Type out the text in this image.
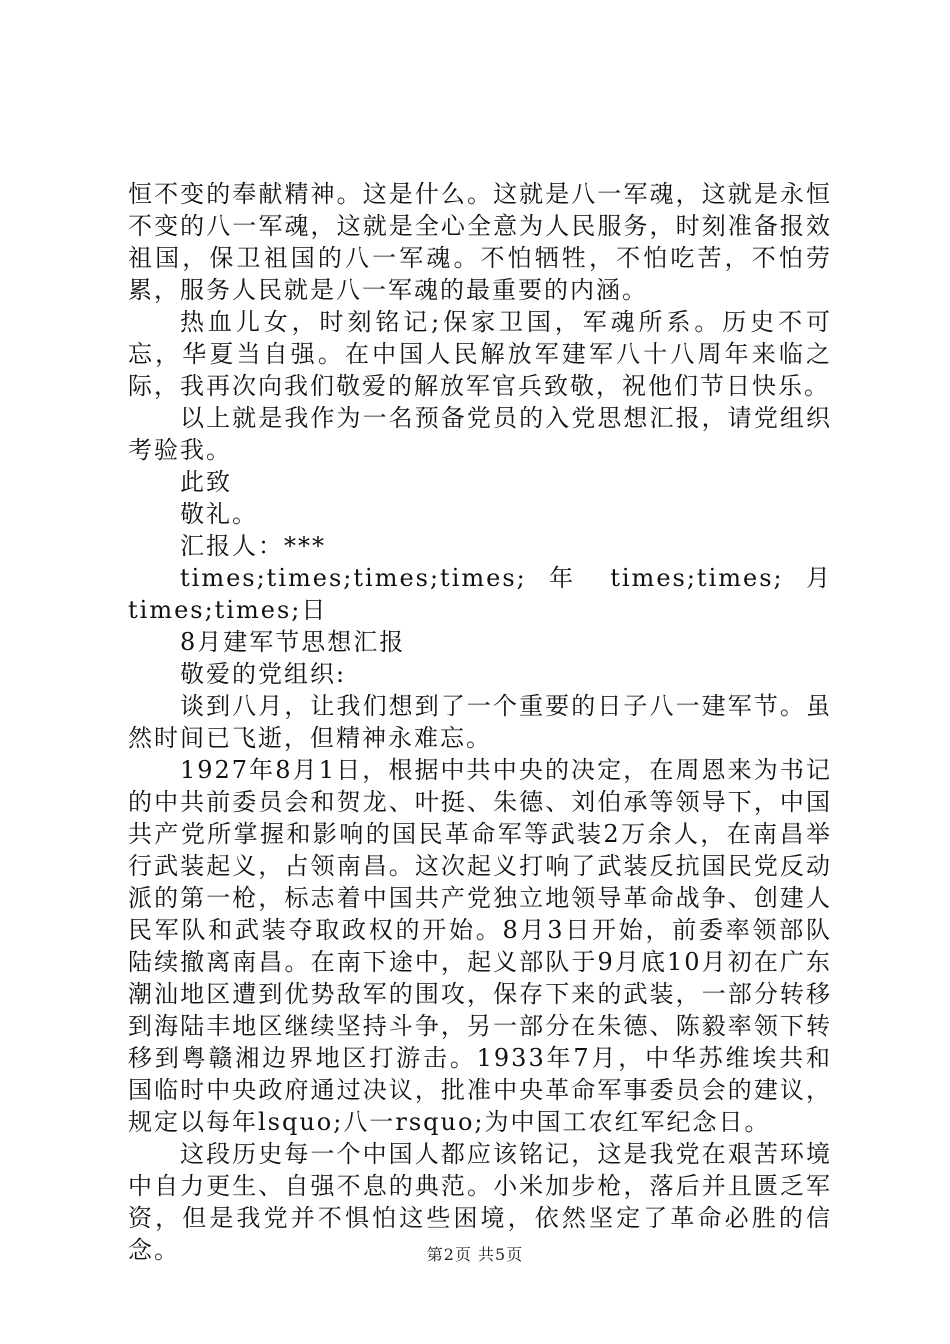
恒不变的奉献精神。这是什么。这就是八一军魂，这就是永恒不变的八一军魂，这就是全心全意为人民服务，时刻准备报效祖国，保卫祖国的八一军魂。不怕牺牲，不怕吃苦，不怕劳累，服务人民就是八一军魂的最重要的内涵。

热血儿女，时刻铭记;保家卫国，军魂所系。历史不可忘，华夏当自强。在中国人民解放军建军八十八周年来临之际，我再次向我们敬爱的解放军官兵致敬，祝他们节日快乐。

以上就是我作为一名预备党员的入党思想汇报，请党组织考验我。

此致

敬礼。

汇报人：***

times;times;times;times; 年 times;times; 月 times;times;日

8月建军节思想汇报

敬爱的党组织:

谈到八月，让我们想到了一个重要的日子八一建军节。虽然时间已飞逝，但精神永难忘。

1927年8月1日，根据中共中央的决定，在周恩来为书记的中共前委员会和贺龙、叶挺、朱德、刘伯承等领导下，中国共产党所掌握和影响的国民革命军等武装2万余人，在南昌举行武装起义，占领南昌。这次起义打响了武装反抗国民党反动派的第一枪，标志着中国共产党独立地领导革命战争、创建人民军队和武装夺取政权的开始。8月3日开始，前委率领部队陆续撤离南昌。在南下途中，起义部队于9月底10月初在广东潮汕地区遭到优势敌军的围攻，保存下来的武装，一部分转移到海陆丰地区继续坚持斗争，另一部分在朱德、陈毅率领下转移到粤赣湘边界地区打游击。1933年7月，中华苏维埃共和国临时中央政府通过决议，批准中央革命军事委员会的建议，规定以每年lsquo;八一rsquo;为中国工农红军纪念日。

这段历史每一个中国人都应该铭记，这是我党在艰苦环境中自力更生、自强不息的典范。小米加步枪，落后并且匮乏军资，但是我党并不惧怕这些困境，依然坚定了革命必胜的信念。	第2页 共5页
